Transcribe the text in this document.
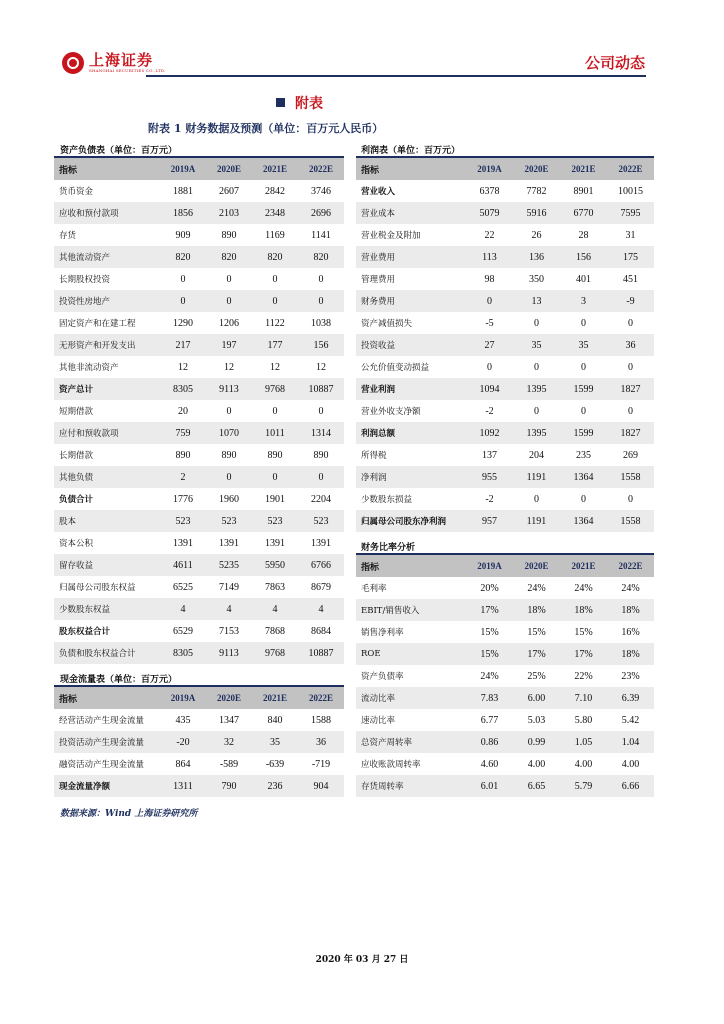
上海证券
SHANGHAI SECURITIES CO.,LTD.	公司动态
附表
附表 1 财务数据及预测（单位：百万元人民币）
资产负债表（单位：百万元）
指标	2019A	2020E	2021E	2022E
货币资金	1881	2607	2842	3746
应收和预付款项	1856	2103	2348	2696
存货	909	890	1169	1141
其他流动资产	820	820	820	820
长期股权投资	0	0	0	0
投资性房地产	0	0	0	0
固定资产和在建工程	1290	1206	1122	1038
无形资产和开发支出	217	197	177	156
其他非流动资产	12	12	12	12
资产总计	8305	9113	9768	10887
短期借款	20	0	0	0
应付和预收款项	759	1070	1011	1314
长期借款	890	890	890	890
其他负债	2	0	0	0
负债合计	1776	1960	1901	2204
股本	523	523	523	523
资本公积	1391	1391	1391	1391
留存收益	4611	5235	5950	6766
归属母公司股东权益	6525	7149	7863	8679
少数股东权益	4	4	4	4
股东权益合计	6529	7153	7868	8684
负债和股东权益合计	8305	9113	9768	10887
现金流量表（单位：百万元）
指标	2019A	2020E	2021E	2022E
经营活动产生现金流量	435	1347	840	1588
投资活动产生现金流量	-20	32	35	36
融资活动产生现金流量	864	-589	-639	-719
现金流量净额	1311	790	236	904
利润表（单位：百万元）
指标	2019A	2020E	2021E	2022E
营业收入	6378	7782	8901	10015
营业成本	5079	5916	6770	7595
营业税金及附加	22	26	28	31
营业费用	113	136	156	175
管理费用	98	350	401	451
财务费用	0	13	3	-9
资产减值损失	-5	0	0	0
投资收益	27	35	35	36
公允价值变动损益	0	0	0	0
营业利润	1094	1395	1599	1827
营业外收支净额	-2	0	0	0
利润总额	1092	1395	1599	1827
所得税	137	204	235	269
净利润	955	1191	1364	1558
少数股东损益	-2	0	0	0
归属母公司股东净利润	957	1191	1364	1558
财务比率分析
指标	2019A	2020E	2021E	2022E
毛利率	20%	24%	24%	24%
EBIT/销售收入	17%	18%	18%	18%
销售净利率	15%	15%	15%	16%
ROE	15%	17%	17%	18%
资产负债率	24%	25%	22%	23%
流动比率	7.83	6.00	7.10	6.39
速动比率	6.77	5.03	5.80	5.42
总资产周转率	0.86	0.99	1.05	1.04
应收账款周转率	4.60	4.00	4.00	4.00
存货周转率	6.01	6.65	5.79	6.66
数据来源：Wind 上海证券研究所
2020 年 03 月 27 日
